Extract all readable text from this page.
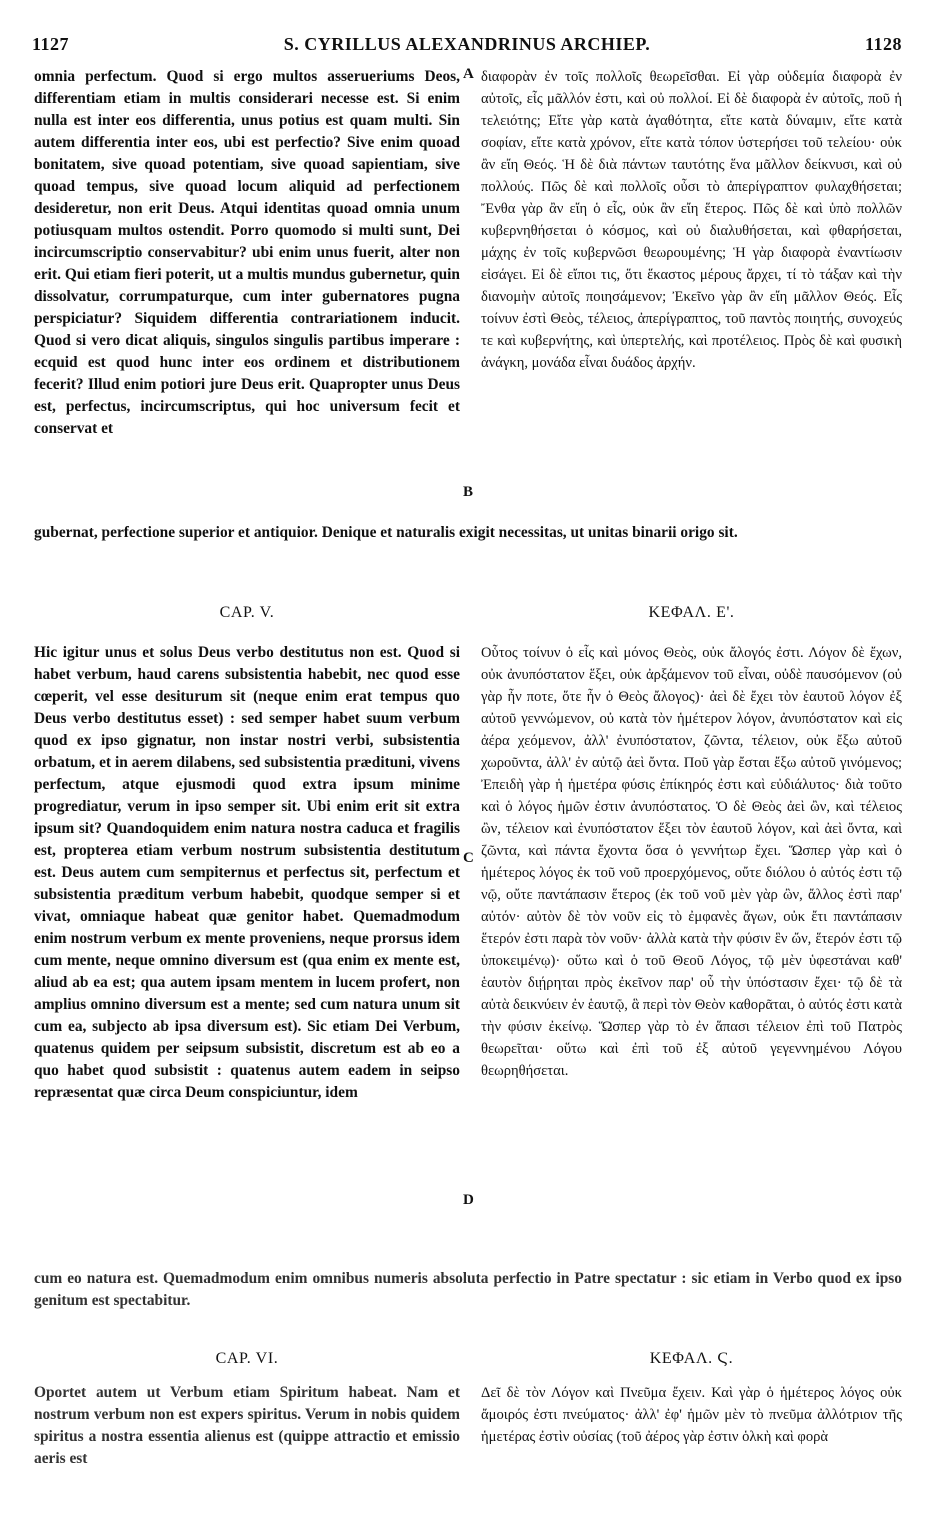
1127	S. CYRILLUS ALEXANDRINUS ARCHIEP.	1128
omnia perfectum. Quod si ergo multos asserueriums Deos, differentiam etiam in multis considerari necesse est. Si enim nulla est inter eos differentia, unus potius est quam multi. Sin autem differentia inter eos, ubi est perfectio? Sive enim quoad bonitatem, sive quoad potentiam, sive quoad sapientiam, sive quoad tempus, sive quoad locum aliquid ad perfectionem desideretur, non erit Deus. Atqui identitas quoad omnia unum potiusquam multos ostendit. Porro quomodo si multi sunt, Dei incircumscriptio conservabitur? ubi enim unus fuerit, alter non erit. Qui etiam fieri poterit, ut a multis mundus gubernetur, quin dissolvatur, corrumpaturque, cum inter gubernatores pugna perspiciatur? Siquidem differentia contrariationem inducit. Quod si vero dicat aliquis, singulos singulis partibus imperare : ecquid est quod hunc inter eos ordinem et distributionem fecerit? Illud enim potiori jure Deus erit. Quapropter unus Deus est, perfectus, incircumscriptus, qui hoc universum fecit et conservat et
A
B
διαφορὰν ἐν τοῖς πολλοῖς θεωρεῖσθαι. Εἰ γὰρ οὐδεμία διαφορὰ ἐν αὐτοῖς, εἷς μᾶλλόν ἐστι, καὶ οὐ πολλοί. Εἰ δὲ διαφορὰ ἐν αὐτοῖς, ποῦ ἡ τελειότης; Εἴτε γὰρ κατὰ ἀγαθότητα, εἴτε κατὰ δύναμιν, εἴτε κατὰ σοφίαν, εἴτε κατὰ χρόνον, εἴτε κατὰ τόπον ὑστερήσει τοῦ τελείου· οὐκ ἂν εἴη Θεός. Ἡ δὲ διὰ πάντων ταυτότης ἕνα μᾶλλον δείκνυσι, καὶ οὐ πολλούς. Πῶς δὲ καὶ πολλοῖς οὖσι τὸ ἀπερίγραπτον φυλαχθήσεται; Ἔνθα γὰρ ἂν εἴη ὁ εἷς, οὐκ ἂν εἴη ἕτερος. Πῶς δὲ καὶ ὑπὸ πολλῶν κυβερνηθήσεται ὁ κόσμος, καὶ οὐ διαλυθήσεται, καὶ φθαρήσεται, μάχης ἐν τοῖς κυβερνῶσι θεωρουμένης; Ἡ γὰρ διαφορὰ ἐναντίωσιν εἰσάγει. Εἰ δὲ εἴποι τις, ὅτι ἕκαστος μέρους ἄρχει, τί τὸ τάξαν καὶ τὴν διανομὴν αὐτοῖς ποιησάμενον; Ἐκεῖνο γὰρ ἂν εἴη μᾶλλον Θεός. Εἷς τοίνυν ἐστὶ Θεὸς, τέλειος, ἀπερίγραπτος, τοῦ παντὸς ποιητής, συνοχεύς τε καὶ κυβερνήτης, καὶ ὑπερτελής, καὶ προτέλειος. Πρὸς δὲ καὶ φυσικὴ ἀνάγκη, μονάδα εἶναι δυάδος ἀρχήν.
gubernat, perfectione superior et antiquior. Denique et naturalis exigit necessitas, ut unitas binarii origo sit.
CAP. V.	ΚΕΦΑΛ. Ε'.
Hic igitur unus et solus Deus verbo destitutus non est. Quod si habet verbum, haud carens subsistentia habebit, nec quod esse cœperit, vel esse desiturum sit (neque enim erat tempus quo Deus verbo destitutus esset) : sed semper habet suum verbum quod ex ipso gignatur, non instar nostri verbi, subsistentia orbatum, et in aerem dilabens, sed subsistentia prædituni, vivens perfectum, atque ejusmodi quod extra ipsum minime progrediatur, verum in ipso semper sit. Ubi enim erit sit extra ipsum sit? Quandoquidem enim natura nostra caduca et fragilis est, propterea etiam verbum nostrum subsistentia destitutum est. Deus autem cum sempiternus et perfectus sit, perfectum et subsistentia præditum verbum habebit, quodque semper si et vivat, omniaque habeat quæ genitor habet. Quemadmodum enim nostrum verbum ex mente proveniens, neque prorsus idem cum mente, neque omnino diversum est (qua enim ex mente est, aliud ab ea est; qua autem ipsam mentem in lucem profert, non amplius omnino diversum est a mente; sed cum natura unum sit cum ea, subjecto ab ipsa diversum est). Sic etiam Dei Verbum, quatenus quidem per seipsum subsistit, discretum est ab eo a quo habet quod subsistit : quatenus autem eadem in seipso repræsentat quæ circa Deum conspiciuntur, idem
C
D
Οὗτος τοίνυν ὁ εἷς καὶ μόνος Θεὸς, οὐκ ἄλογός ἐστι. Λόγον δὲ ἔχων, οὐκ ἀνυπόστατον ἕξει, οὐκ ἀρξάμενον τοῦ εἶναι, οὐδὲ παυσόμενον (οὐ γὰρ ἦν ποτε, ὅτε ἦν ὁ Θεὸς ἄλογος)· ἀεὶ δὲ ἔχει τὸν ἑαυτοῦ λόγον ἐξ αὐτοῦ γεννώμενον, οὐ κατὰ τὸν ἡμέτερον λόγον, ἀνυπόστατον καὶ εἰς ἀέρα χεόμενον, ἀλλ' ἐνυπόστατον, ζῶντα, τέλειον, οὐκ ἔξω αὐτοῦ χωροῦντα, ἀλλ' ἐν αὐτῷ ἀεὶ ὄντα. Ποῦ γὰρ ἔσται ἔξω αὐτοῦ γινόμενος; Ἐπειδὴ γὰρ ἡ ἡμετέρα φύσις ἐπίκηρός ἐστι καὶ εὐδιάλυτος· διὰ τοῦτο καὶ ὁ λόγος ἡμῶν ἐστιν ἀνυπόστατος. Ὁ δὲ Θεὸς ἀεὶ ὢν, καὶ τέλειος ὢν, τέλειον καὶ ἐνυπόστατον ἕξει τὸν ἑαυτοῦ λόγον, καὶ ἀεὶ ὄντα, καὶ ζῶντα, καὶ πάντα ἔχοντα ὅσα ὁ γεννήτωρ ἔχει. Ὥσπερ γὰρ καὶ ὁ ἡμέτερος λόγος ἐκ τοῦ νοῦ προερχόμενος, οὔτε διόλου ὁ αὐτός ἐστι τῷ νῷ, οὔτε παντάπασιν ἕτερος (ἐκ τοῦ νοῦ μὲν γὰρ ὢν, ἄλλος ἐστὶ παρ' αὐτόν· αὐτὸν δὲ τὸν νοῦν εἰς τὸ ἐμφανὲς ἄγων, οὐκ ἔτι παντάπασιν ἕτερόν ἐστι παρὰ τὸν νοῦν· ἀλλὰ κατὰ τὴν φύσιν ἓν ὤν, ἕτερόν ἐστι τῷ ὑποκειμένῳ)· οὕτω καὶ ὁ τοῦ Θεοῦ Λόγος, τῷ μὲν ὑφεστάναι καθ' ἑαυτὸν διῄρηται πρὸς ἐκεῖνον παρ' οὗ τὴν ὑπόστασιν ἔχει· τῷ δὲ τὰ αὐτὰ δεικνύειν ἐν ἑαυτῷ, ἃ περὶ τὸν Θεὸν καθορᾶται, ὁ αὐτός ἐστι κατὰ τὴν φύσιν ἐκείνῳ. Ὥσπερ γὰρ τὸ ἐν ἅπασι τέλειον ἐπὶ τοῦ Πατρὸς θεωρεῖται· οὕτω καὶ ἐπὶ τοῦ ἐξ αὐτοῦ γεγεννημένου Λόγου θεωρηθήσεται.
cum eo natura est. Quemadmodum enim omnibus numeris absoluta perfectio in Patre spectatur : sic etiam in Verbo quod ex ipso genitum est spectabitur.
CAP. VI.	ΚΕΦΑΛ. Ϛ.
Oportet autem ut Verbum etiam Spiritum habeat. Nam et nostrum verbum non est expers spiritus. Verum in nobis quidem spiritus a nostra essentia alienus est (quippe attractio et emissio aeris est
Δεῖ δὲ τὸν Λόγον καὶ Πνεῦμα ἔχειν. Καὶ γὰρ ὁ ἡμέτερος λόγος οὐκ ἄμοιρός ἐστι πνεύματος· ἀλλ' ἐφ' ἡμῶν μὲν τὸ πνεῦμα ἀλλότριον τῆς ἡμετέρας ἐστὶν οὐσίας (τοῦ ἀέρος γὰρ ἐστιν ὁλκὴ καὶ φορὰ
